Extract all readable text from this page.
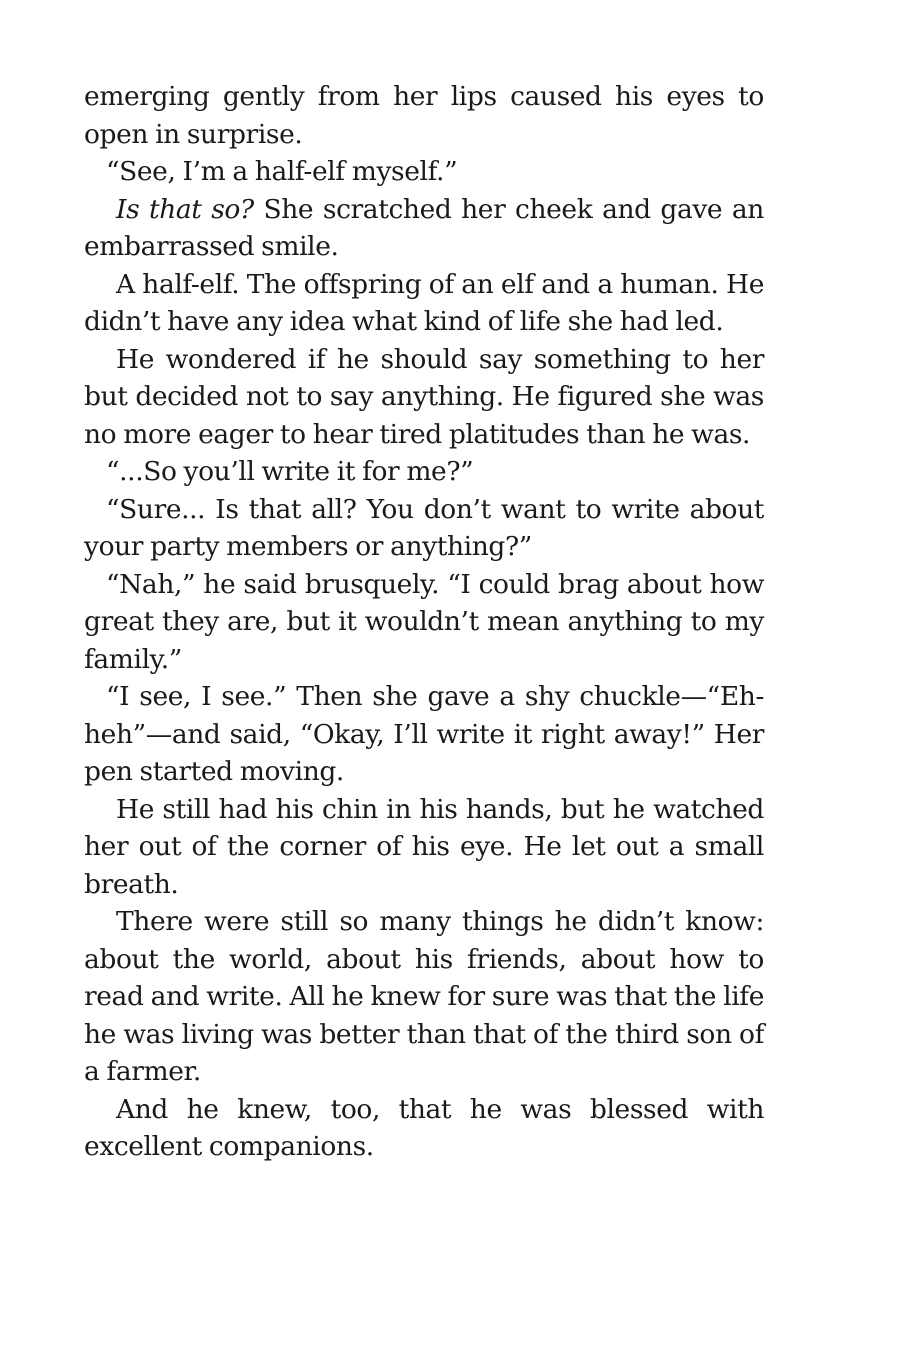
emerging gently from her lips caused his eyes to open in surprise.

“See, I’m a half-elf myself.”

Is that so? She scratched her cheek and gave an embarrassed smile.

A half-elf. The offspring of an elf and a human. He didn’t have any idea what kind of life she had led.

He wondered if he should say something to her but decided not to say anything. He figured she was no more eager to hear tired platitudes than he was.

“...So you’ll write it for me?”

“Sure... Is that all? You don’t want to write about your party members or anything?”

“Nah,” he said brusquely. “I could brag about how great they are, but it wouldn’t mean anything to my family.”

“I see, I see.” Then she gave a shy chuckle—“Eh-heh”—and said, “Okay, I’ll write it right away!” Her pen started moving.

He still had his chin in his hands, but he watched her out of the corner of his eye. He let out a small breath.

There were still so many things he didn’t know: about the world, about his friends, about how to read and write. All he knew for sure was that the life he was living was better than that of the third son of a farmer.

And he knew, too, that he was blessed with excellent companions.
